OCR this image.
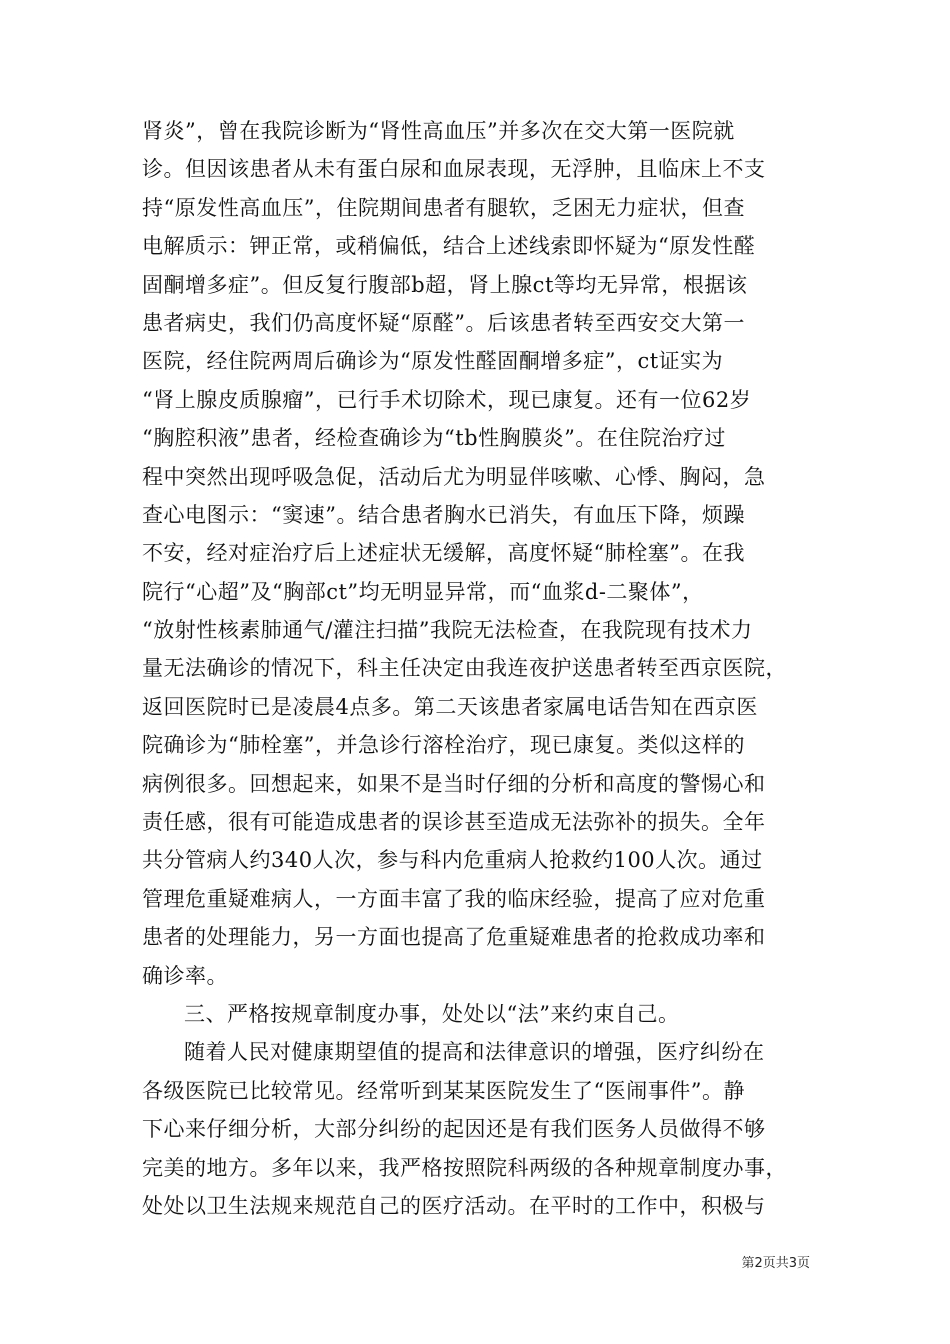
肾炎”，曾在我院诊断为“肾性高血压”并多次在交大第一医院就
诊。但因该患者从未有蛋白尿和血尿表现，无浮肿，且临床上不支
持“原发性高血压”，住院期间患者有腿软，乏困无力症状，但查
电解质示：钾正常，或稍偏低，结合上述线索即怀疑为“原发性醛
固酮增多症”。但反复行腹部b超，肾上腺ct等均无异常，根据该
患者病史，我们仍高度怀疑“原醛”。后该患者转至西安交大第一
医院，经住院两周后确诊为“原发性醛固酮增多症”，ct证实为
“肾上腺皮质腺瘤”，已行手术切除术，现已康复。还有一位62岁
“胸腔积液”患者，经检查确诊为“tb性胸膜炎”。在住院治疗过
程中突然出现呼吸急促，活动后尤为明显伴咳嗽、心悸、胸闷，急
查心电图示：“窦速”。结合患者胸水已消失，有血压下降，烦躁
不安，经对症治疗后上述症状无缓解，高度怀疑“肺栓塞”。在我
院行“心超”及“胸部ct”均无明显异常，而“血浆d-二聚体”，
“放射性核素肺通气/灌注扫描”我院无法检查，在我院现有技术力
量无法确诊的情况下，科主任决定由我连夜护送患者转至西京医院，
返回医院时已是凌晨4点多。第二天该患者家属电话告知在西京医
院确诊为“肺栓塞”，并急诊行溶栓治疗，现已康复。类似这样的
病例很多。回想起来，如果不是当时仔细的分析和高度的警惕心和
责任感，很有可能造成患者的误诊甚至造成无法弥补的损失。全年
共分管病人约340人次，参与科内危重病人抢救约100人次。通过
管理危重疑难病人，一方面丰富了我的临床经验，提高了应对危重
患者的处理能力，另一方面也提高了危重疑难患者的抢救成功率和
确诊率。
三、严格按规章制度办事，处处以“法”来约束自己。
随着人民对健康期望值的提高和法律意识的增强，医疗纠纷在
各级医院已比较常见。经常听到某某医院发生了“医闹事件”。静
下心来仔细分析，大部分纠纷的起因还是有我们医务人员做得不够
完美的地方。多年以来，我严格按照院科两级的各种规章制度办事，
处处以卫生法规来规范自己的医疗活动。在平时的工作中，积极与
第2页共3页
